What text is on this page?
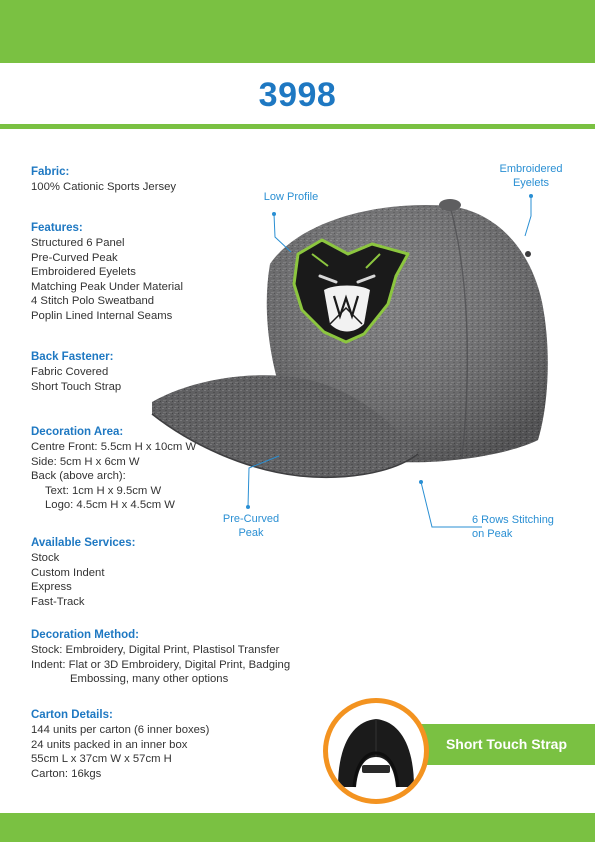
3998
Fabric:
100% Cationic Sports Jersey
Features:
Structured 6 Panel
Pre-Curved Peak
Embroidered Eyelets
Matching Peak Under Material
4 Stitch Polo Sweatband
Poplin Lined Internal Seams
Back Fastener:
Fabric Covered
Short Touch Strap
Decoration Area:
Centre Front: 5.5cm H x 10cm W
Side: 5cm H x 6cm W
Back (above arch):
Text: 1cm H x 9.5cm W
Logo: 4.5cm H x 4.5cm W
Available Services:
Stock
Custom Indent
Express
Fast-Track
Decoration Method:
Stock: Embroidery, Digital Print, Plastisol Transfer
Indent: Flat or 3D Embroidery, Digital Print, Badging
Embossing, many other options
Carton Details:
144 units per carton (6 inner boxes)
24 units packed in an inner box
55cm L x 37cm W x 57cm H
Carton: 16kgs
Low Profile
Embroidered
Eyelets
Pre-Curved
Peak
6 Rows Stitching
on Peak
Short Touch Strap
